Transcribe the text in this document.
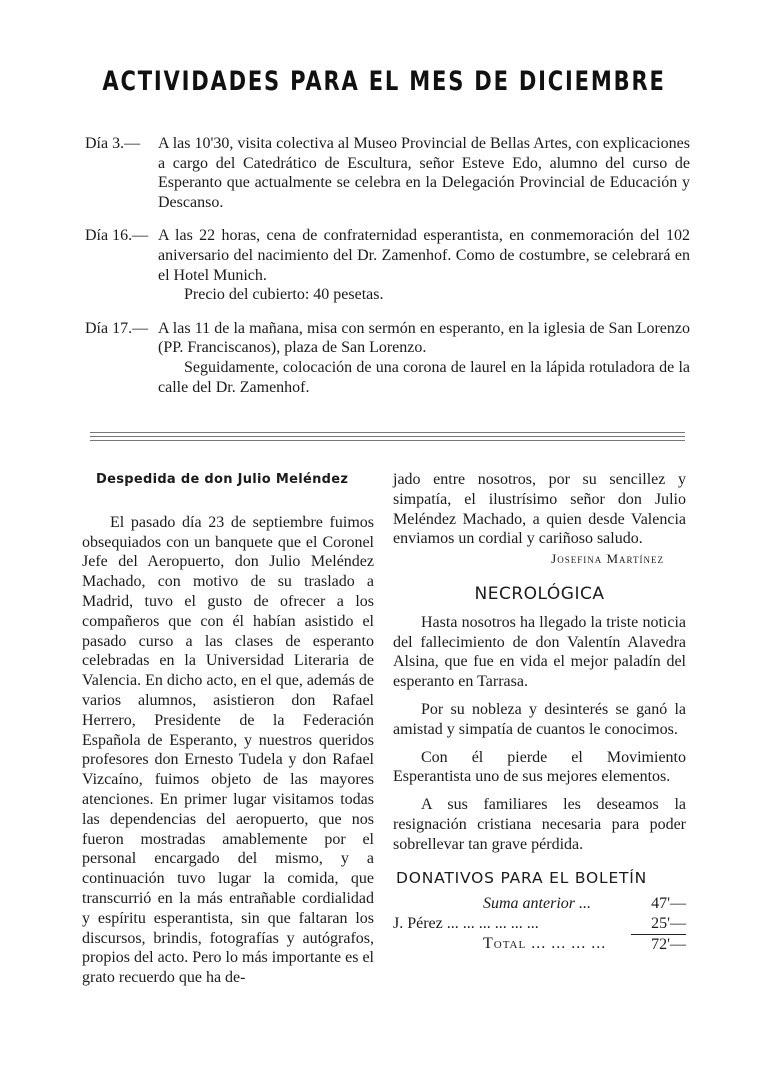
ACTIVIDADES PARA EL MES DE DICIEMBRE
Día 3.—	A las 10'30, visita colectiva al Museo Provincial de Bellas Artes, con explicaciones a cargo del Catedrático de Escultura, señor Esteve Edo, alumno del curso de Esperanto que actualmente se celebra en la Delegación Provincial de Educación y Descanso.

Día 16.— A las 22 horas, cena de confraternidad esperantista, en conmemoración del 102 aniversario del nacimiento del Dr. Zamenhof. Como de costumbre, se celebrará en el Hotel Munich.

Precio del cubierto: 40 pesetas.

Día 17.— A las 11 de la mañana, misa con sermón en esperanto, en la iglesia de San Lorenzo (PP. Franciscanos), plaza de San Lorenzo.

Seguidamente, colocación de una corona de laurel en la lápida rotuladora de la calle del Dr. Zamenhof.

Despedida de don Julio Meléndez

El pasado día 23 de septiembre fuimos obsequiados con un banquete que el Coronel Jefe del Aeropuerto, don Julio Meléndez Machado, con motivo de su traslado a Madrid, tuvo el gusto de ofrecer a los compañeros que con él habían asistido el pasado curso a las clases de esperanto celebradas en la Universidad Literaria de Valencia. En dicho acto, en el que, además de varios alumnos, asistieron don Rafael Herrero, Presidente de la Federación Española de Esperanto, y nuestros queridos profesores don Ernesto Tudela y don Rafael Vizcaíno, fuimos objeto de las mayores atenciones. En primer lugar visitamos todas las dependencias del aeropuerto, que nos fueron mostradas amablemente por el personal encargado del mismo, y a continuación tuvo lugar la comida, que transcurrió en la más entrañable cordialidad y espíritu esperantista, sin que faltaran los discursos, brindis, fotografías y autógrafos, propios del acto. Pero lo más importante es el grato recuerdo que ha de-

jado entre nosotros, por su sencillez y simpatía, el ilustrísimo señor don Julio Meléndez Machado, a quien desde Valencia enviamos un cordial y cariñoso saludo.

Josefina Martínez
NECROLÓGICA

Hasta nosotros ha llegado la triste noticia del fallecimiento de don Valentín Alavedra Alsina, que fue en vida el mejor paladín del esperanto en Tarrasa.

Por su nobleza y desinterés se ganó la amistad y simpatía de cuantos le conocimos.

Con él pierde el Movimiento Esperantista uno de sus mejores elementos.

A sus familiares les deseamos la resignación cristiana necesaria para poder sobrellevar tan grave pérdida.

DONATIVOS PARA EL BOLETÍN
Suma anterior ...	47'—
J. Pérez ... ... ... ... ... ...	25'—
Total ... ... ... ...	72'—
